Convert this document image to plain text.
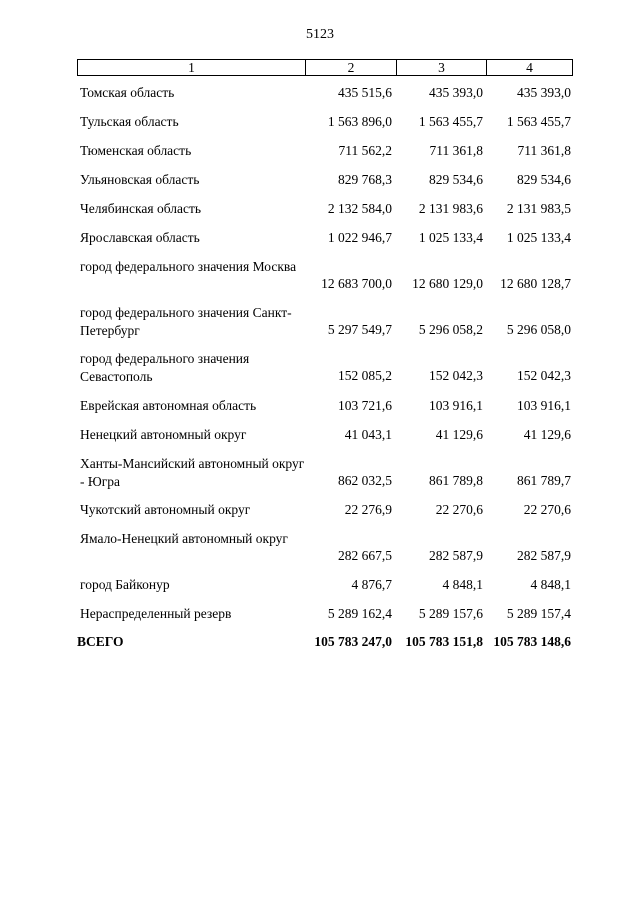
5123
1	2	3	4
Томская область	435 515,6	435 393,0	435 393,0
Тульская область	1 563 896,0 1 563 455,7 1 563 455,7
Тюменская область	711 562,2	711 361,8	711 361,8
Ульяновская область	829 768,3	829 534,6	829 534,6
Челябинская область	2 132 584,0 2 131 983,6 2 131 983,5
Ярославская область	1 022 946,7 1 025 133,4 1 025 133,4
город федерального значения Москва
12 683 700,0 12 680 129,0 12 680 128,7
город федерального значения Санкт-Петербург	5 297 549,7 5 296 058,2 5 296 058,0
город федерального значения Севастополь	152 085,2	152 042,3	152 042,3
Еврейская автономная область	103 721,6	103 916,1	103 916,1
Ненецкий автономный округ	41 043,1	41 129,6	41 129,6
Ханты-Мансийский автономный округ - Югра	862 032,5	861 789,8	861 789,7
Чукотский автономный округ	22 276,9	22 270,6	22 270,6
Ямало-Ненецкий автономный округ
282 667,5	282 587,9	282 587,9
город Байконур	4 876,7	4 848,1	4 848,1
Нераспределенный резерв	5 289 162,4 5 289 157,6 5 289 157,4
ВСЕГО	105 783 247,0 105 783 151,8 105 783 148,6
